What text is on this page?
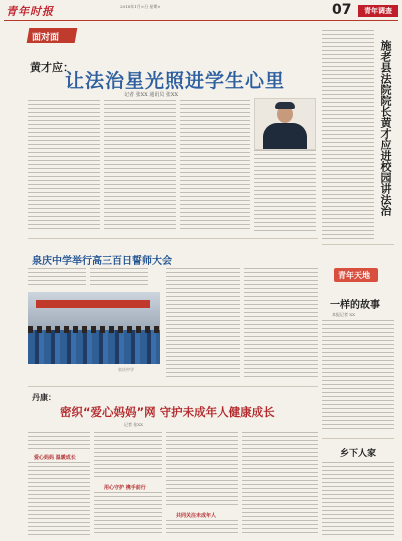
青年时报	2018年1月×日 星期×	07	青年调查
面对面
黄才应：
让法治星光照进学生心里
记者 张XX 通讯员 张XX	施老县法院院长黄才应进校园讲法治
泉庆中学举行高三百日誓师大会
泉庆中学
青年天地
一样的故事
本报记者 XX
乡下人家
丹康：
密织“爱心妈妈”网 守护未成年人健康成长
记者 张XX
爱心妈妈 温暖成长
用心守护 携手前行
共同关注未成年人
